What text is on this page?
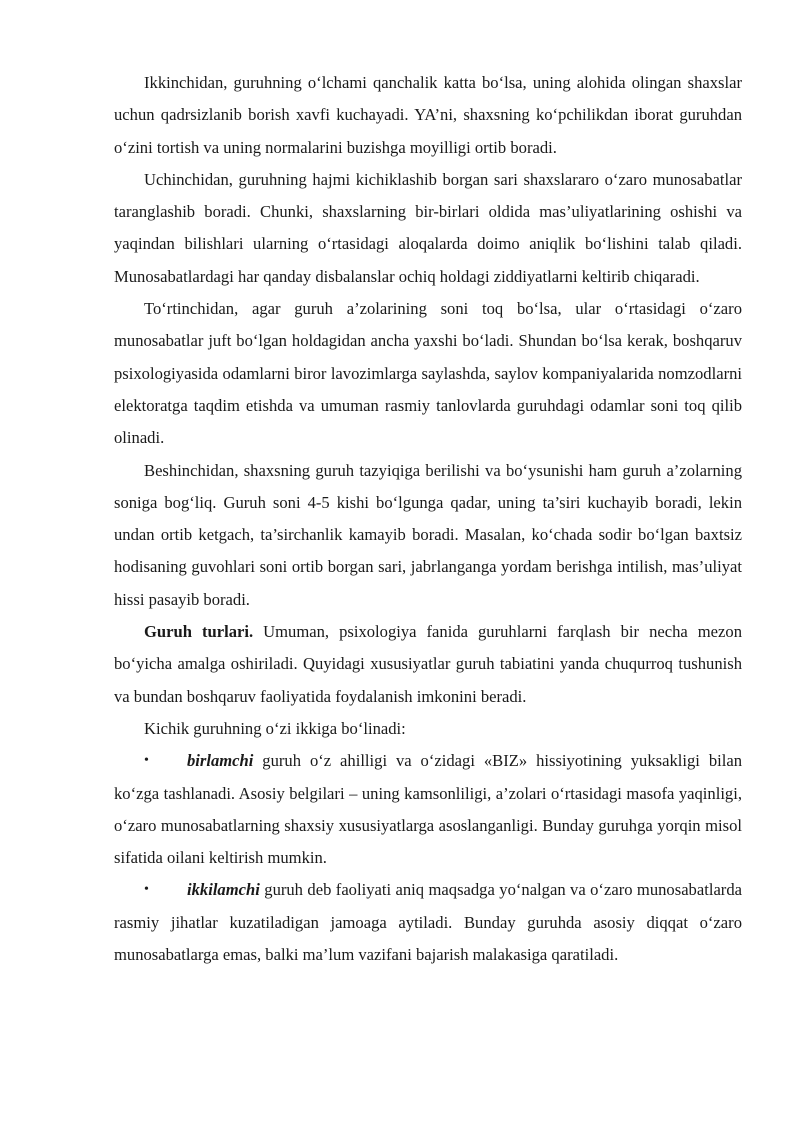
Ikkinchidan, guruhning o‘lchami qanchalik katta bo‘lsa, uning alohida olingan shaxslar uchun qadrsizlanib borish xavfi kuchayadi. YA’ni, shaxsning ko‘pchilikdan iborat guruhdan o‘zini tortish va uning normalarini buzishga moyilligi ortib boradi.

Uchinchidan, guruhning hajmi kichiklashib borgan sari shaxslararo o‘zaro munosabatlar taranglashib boradi. Chunki, shaxslarning bir-birlari oldida mas’uliyatlarining oshishi va yaqindan bilishlari ularning o‘rtasidagi aloqalarda doimo aniqlik bo‘lishini talab qiladi. Munosabatlardagi har qanday disbalanslar ochiq holdagi ziddiyatlarni keltirib chiqaradi.

To‘rtinchidan, agar guruh a’zolarining soni toq bo‘lsa, ular o‘rtasidagi o‘zaro munosabatlar juft bo‘lgan holdagidan ancha yaxshi bo‘ladi. Shundan bo‘lsa kerak, boshqaruv psixologiyasida odamlarni biror lavozimlarga saylashda, saylov kompaniyalarida nomzodlarni elektoratga taqdim etishda va umuman rasmiy tanlovlarda guruhdagi odamlar soni toq qilib olinadi.

Beshinchidan, shaxsning guruh tazyiqiga berilishi va bo‘ysunishi ham guruh a’zolarning soniga bog‘liq. Guruh soni 4-5 kishi bo‘lgunga qadar, uning ta’siri kuchayib boradi, lekin undan ortib ketgach, ta’sirchanlik kamayib boradi. Masalan, ko‘chada sodir bo‘lgan baxtsiz hodisaning guvohlari soni ortib borgan sari, jabrlanganga yordam berishga intilish, mas’uliyat hissi pasayib boradi.

Guruh turlari. Umuman, psixologiya fanida guruhlarni farqlash bir necha mezon bo‘yicha amalga oshiriladi. Quyidagi xususiyatlar guruh tabiatini yanda chuqurroq tushunish va bundan boshqaruv faoliyatida foydalanish imkonini beradi.

Kichik guruhning o‘zi ikkiga bo‘linadi:

• birlamchi guruh o‘z ahilligi va o‘zidagi «BIZ» hissiyotining yuksakligi bilan ko‘zga tashlanadi. Asosiy belgilari – uning kamsonliligi, a’zolari o‘rtasidagi masofa yaqinligi, o‘zaro munosabatlarning shaxsiy xususiyatlarga asoslanganligi. Bunday guruhga yorqin misol sifatida oilani keltirish mumkin.

• ikkilamchi guruh deb faoliyati aniq maqsadga yo‘nalgan va o‘zaro munosabatlarda rasmiy jihatlar kuzatiladigan jamoaga aytiladi. Bunday guruhda asosiy diqqat o‘zaro munosabatlarga emas, balki ma’lum vazifani bajarish malakasiga qaratiladi.
